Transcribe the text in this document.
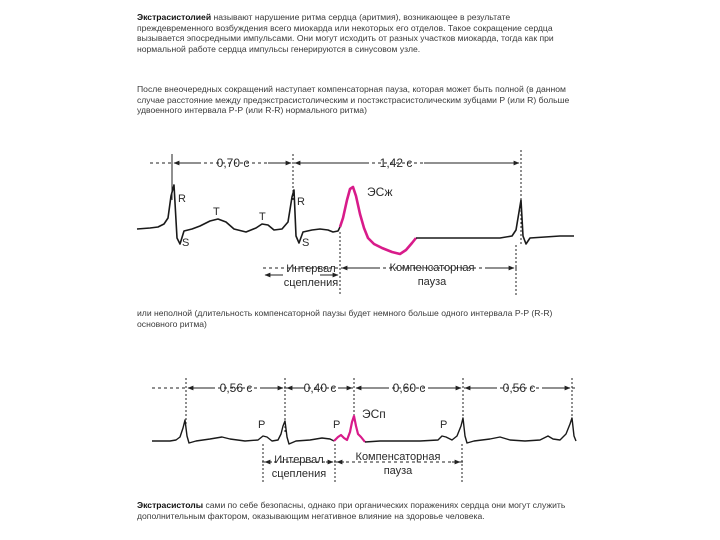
Экстрасистолией называют нарушение ритма сердца (аритмия), возникающее в результате преждевременного возбуждения всего миокарда или некоторых его отделов. Такое сокращение сердца вызывается эпосредными импульсами. Они могут исходить от разных участков миокарда, тогда как при нормальной работе сердца импульсы генерируются в синусовом узле.
После внеочередных сокращений наступает компенсаторная пауза, которая может быть полной (в данном случае расстояние между предэкстрасистолическим и постэкстрасистолическим зубцами P (или R) больше удвоенного интервала P-P (или R-R) нормального ритма)
или неполной (длительность компенсаторной паузы будет немного больше одного интервала P-P (R-R) основного ритма)
Экстрасистолы сами по себе безопасны, однако при органических поражениях сердца они могут служить дополнительным фактором, оказывающим негативное влияние на здоровье человека.
0,70 с	1,42 с
R
T	T
R
S	S
ЭСж
Интервал
сцепления
Компенсаторная
пауза
0,56 с	0,40 с	0,60 с	0,56 с
P	P	P
ЭСп
Интервал
сцепления
Компенсаторная
пауза
